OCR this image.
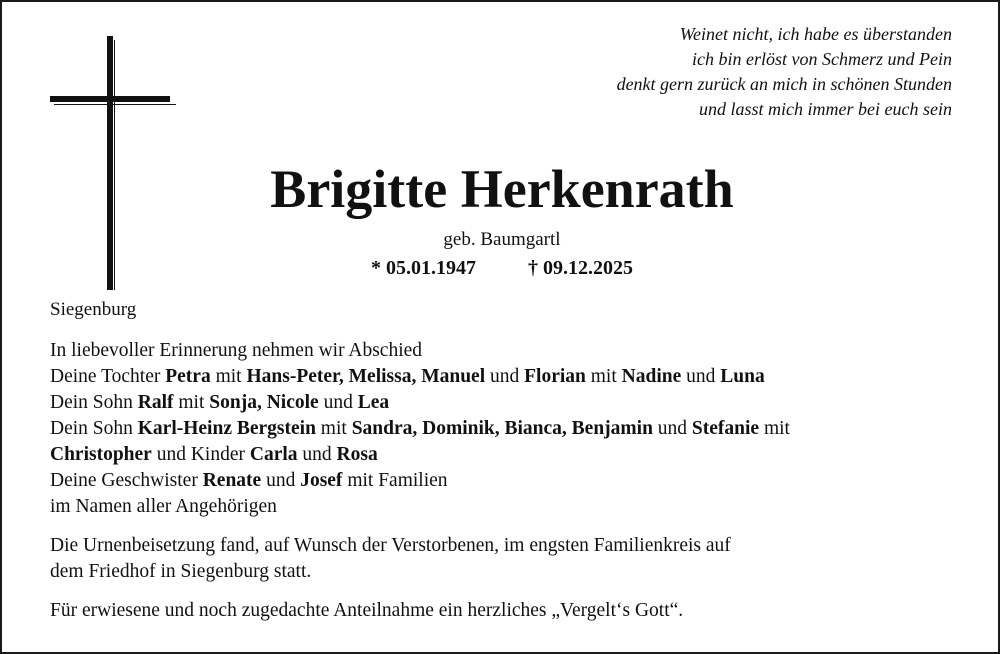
Weinet nicht, ich habe es überstanden
ich bin erlöst von Schmerz und Pein
denkt gern zurück an mich in schönen Stunden
und lasst mich immer bei euch sein
Brigitte Herkenrath
geb. Baumgartl
* 05.01.1947	† 09.12.2025
Siegenburg
In liebevoller Erinnerung nehmen wir Abschied
Deine Tochter Petra mit Hans-Peter, Melissa, Manuel und Florian mit Nadine und Luna
Dein Sohn Ralf mit Sonja, Nicole und Lea
Dein Sohn Karl-Heinz Bergstein mit Sandra, Dominik, Bianca, Benjamin und Stefanie mit
Christopher und Kinder Carla und Rosa
Deine Geschwister Renate und Josef mit Familien
im Namen aller Angehörigen
Die Urnenbeisetzung fand, auf Wunsch der Verstorbenen, im engsten Familienkreis auf
dem Friedhof in Siegenburg statt.
Für erwiesene und noch zugedachte Anteilnahme ein herzliches „Vergelt‘s Gott“.
